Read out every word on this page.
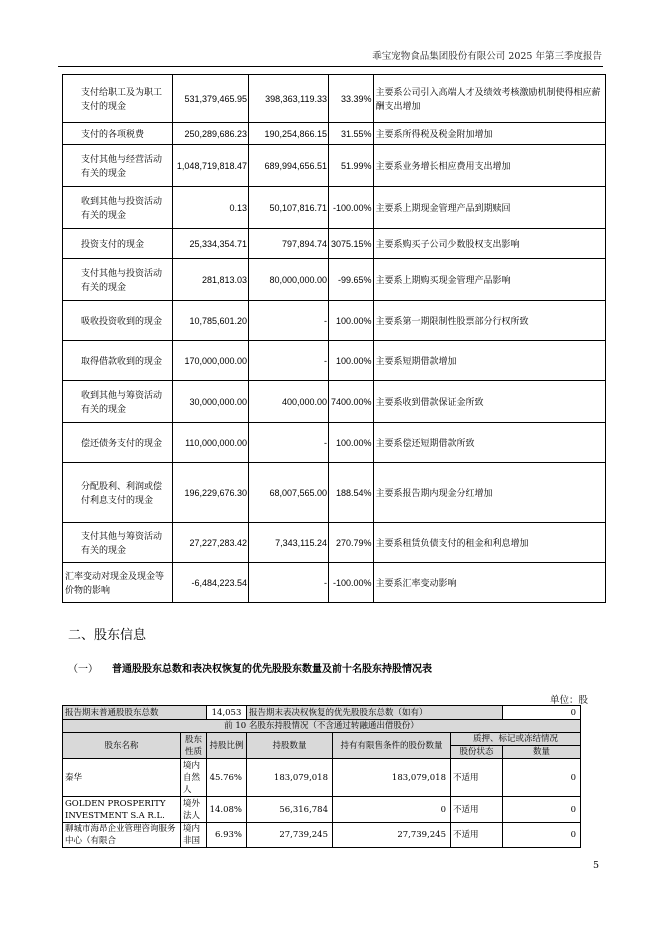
乖宝宠物食品集团股份有限公司 2025 年第三季度报告
支付给职工及为职工支付的现金	531,379,465.95	398,363,119.33	33.39%	主要系公司引入高端人才及绩效考核激励机制使得相应薪酬支出增加
支付的各项税费	250,289,686.23	190,254,866.15	31.55%	主要系所得税及税金附加增加
支付其他与经营活动有关的现金	1,048,719,818.47	689,994,656.51	51.99%	主要系业务增长相应费用支出增加
收到其他与投资活动有关的现金	0.13	50,107,816.71	-100.00%	主要系上期现金管理产品到期赎回
投资支付的现金	25,334,354.71	797,894.74	3075.15%	主要系购买子公司少数股权支出影响
支付其他与投资活动有关的现金	281,813.03	80,000,000.00	-99.65%	主要系上期购买现金管理产品影响
吸收投资收到的现金	10,785,601.20	-	100.00%	主要系第一期限制性股票部分行权所致
取得借款收到的现金	170,000,000.00	-	100.00%	主要系短期借款增加
收到其他与筹资活动有关的现金	30,000,000.00	400,000.00	7400.00%	主要系收到借款保证金所致
偿还债务支付的现金	110,000,000.00	-	100.00%	主要系偿还短期借款所致
分配股利、利润或偿付利息支付的现金	196,229,676.30	68,007,565.00	188.54%	主要系报告期内现金分红增加
支付其他与筹资活动有关的现金	27,227,283.42	7,343,115.24	270.79%	主要系租赁负债支付的租金和利息增加
汇率变动对现金及现金等价物的影响	-6,484,223.54	-	-100.00%	主要系汇率变动影响
二、股东信息
（一） 普通股股东总数和表决权恢复的优先股股东数量及前十名股东持股情况表
单位：股
报告期末普通股股东总数		14,053	报告期末表决权恢复的优先股股东总数（如有）			0
前 10 名股东持股情况（不含通过转融通出借股份）						
股东名称	股东性质	持股比例	持股数量	持有有限售条件的股份数量	质押、标记或冻结情况	
					股份状态	数量
秦华	境内自然人	45.76%	183,079,018	183,079,018	不适用	0
GOLDEN PROSPERITY INVESTMENT S.A R.L.	境外法人	14.08%	56,316,784	0	不适用	0
聊城市海昂企业管理咨询服务中心（有限合	境内非国	6.93%	27,739,245	27,739,245	不适用	0
5
